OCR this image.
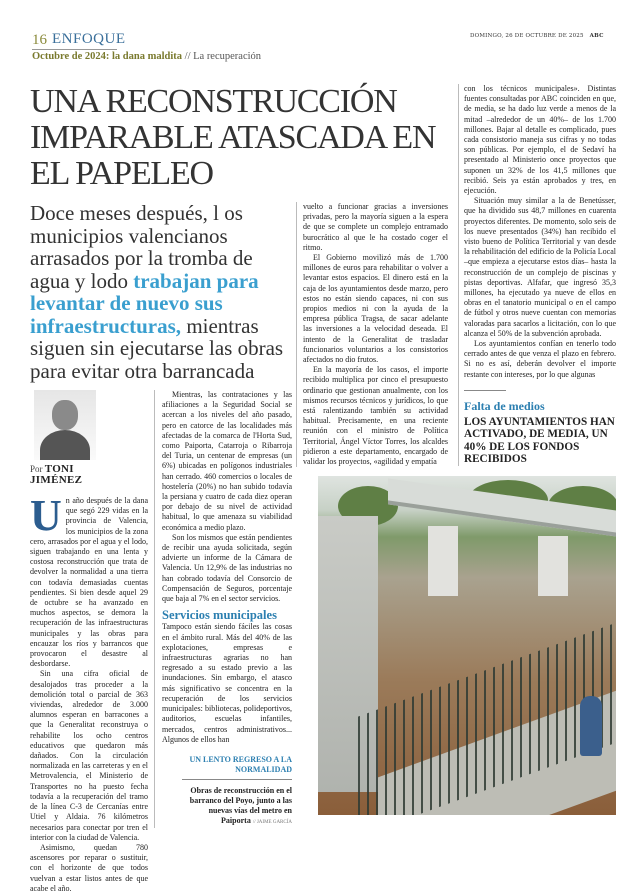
16 ENFOQUE	DOMINGO, 26 DE OCTUBRE DE 2025 ABC
Octubre de 2024: la dana maldita // La recuperación
UNA RECONSTRUCCIÓN IMPARABLE ATASCADA EN EL PAPELEO
Doce meses después, l os municipios valencianos arrasados por la tromba de agua y lodo trabajan para levantar de nuevo sus infraestructuras, mientras siguen sin ejecutarse las obras para evitar otra barrancada
Por TONI
JIMÉNEZ

Un año después de la dana que segó 229 vidas en la provincia de Valencia, los municipios de la zona cero, arrasados por el agua y el lodo, siguen trabajando en una lenta y costosa reconstrucción que trata de devolver la normalidad a una tierra con todavía demasiadas cuentas pendientes. Si bien desde aquel 29 de octubre se ha avanzado en muchos aspectos, se demora la recuperación de las infraestructuras municipales y las obras para encauzar los ríos y barrancos que provocaron el desastre al desbordarse.

Sin una cifra oficial de desalojados tras proceder a la demolición total o parcial de 363 viviendas, alrededor de 3.000 alumnos esperan en barracones a que la Generalitat reconstruya o rehabilite los ocho centros educativos que quedaron más dañados. Con la circulación normalizada en las carreteras y en el Metrovalencia, el Ministerio de Transportes no ha puesto fecha todavía a la recuperación del tramo de la línea C-3 de Cercanías entre Utiel y Aldaia. 76 kilómetros necesarios para conectar por tren el interior con la ciudad de Valencia.

Asimismo, quedan 780 ascensores por reparar o sustituir, con el horizonte de que todos vuelvan a estar listos antes de que acabe el año.

Mientras, las contrataciones y las afiliaciones a la Seguridad Social se acercan a los niveles del año pasado, pero en catorce de las localidades más afectadas de la comarca de l'Horta Sud, como Paiporta, Catarroja o Ribarroja del Turia, un centenar de empresas (un 6%) ubicadas en polígonos industriales han cerrado. 460 comercios o locales de hostelería (20%) no han subido todavía la persiana y cuatro de cada diez operan por debajo de su nivel de actividad habitual, lo que amenaza su viabilidad económica a medio plazo.

Son los mismos que están pendientes de recibir una ayuda solicitada, según advierte un informe de la Cámara de Valencia. Un 12,9% de las industrias no han cobrado todavía del Consorcio de Compensación de Seguros, porcentaje que baja al 7% en el sector servicios.

Servicios municipales

Tampoco están siendo fáciles las cosas en el ámbito rural. Más del 40% de las explotaciones, empresas e infraestructuras agrarias no han regresado a su estado previo a las inundaciones. Sin embargo, el atasco más significativo se concentra en la recuperación de los servicios municipales: bibliotecas, polideportivos, auditorios, escuelas infantiles, mercados, centros administrativos... Algunos de ellos han

UN LENTO REGRESO A LA NORMALIDAD
Obras de reconstrucción en el barranco del Poyo, junto a las nuevas vías del metro en Paiporta // JAIME GARCÍA

vuelto a funcionar gracias a inversiones privadas, pero la mayoría siguen a la espera de que se complete un complejo entramado burocrático al que le ha costado coger el ritmo.

El Gobierno movilizó más de 1.700 millones de euros para rehabilitar o volver a levantar estos espacios. El dinero está en la caja de los ayuntamientos desde marzo, pero estos no están siendo capaces, ni con sus propios medios ni con la ayuda de la empresa pública Tragsa, de sacar adelante las inversiones a la velocidad deseada. El intento de la Generalitat de trasladar funcionarios voluntarios a los consistorios afectados no dio frutos.

En la mayoría de los casos, el importe recibido multiplica por cinco el presupuesto ordinario que gestionan anualmente, con los mismos recursos técnicos y jurídicos, lo que está ralentizando también su actividad habitual. Precisamente, en una reciente reunión con el ministro de Política Territorial, Ángel Víctor Torres, los alcaldes pidieron a este departamento, encargado de validar los proyectos, «agilidad y empatía

con los técnicos municipales». Distintas fuentes consultadas por ABC coinciden en que, de media, se ha dado luz verde a menos de la mitad –alrededor de un 40%– de los 1.700 millones. Bajar al detalle es complicado, pues cada consistorio maneja sus cifras y no todas son públicas. Por ejemplo, el de Sedaví ha presentado al Ministerio once proyectos que suponen un 32% de los 41,5 millones que recibió. Seis ya están aprobados y tres, en ejecución.

Situación muy similar a la de Benetússer, que ha dividido sus 48,7 millones en cuarenta proyectos diferentes. De momento, solo seis de los nueve presentados (34%) han recibido el visto bueno de Política Territorial y van desde la rehabilitación del edificio de la Policía Local –que empieza a ejecutarse estos días– hasta la reconstrucción de un complejo de piscinas y pistas deportivas. Alfafar, que ingresó 35,3 millones, ha ejecutado ya nueve de ellos en obras en el tanatorio municipal o en el campo de fútbol y otros nueve cuentan con memorias valoradas para sacarlos a licitación, con lo que alcanza el 50% de la subvención aprobada.

Los ayuntamientos confían en tenerlo todo cerrado antes de que venza el plazo en febrero. Si no es así, deberán devolver el importe restante con intereses, por lo que algunas

Falta de medios
LOS AYUNTAMIENTOS HAN ACTIVADO, DE MEDIA, UN 40% DE LOS FONDOS RECIBIDOS
